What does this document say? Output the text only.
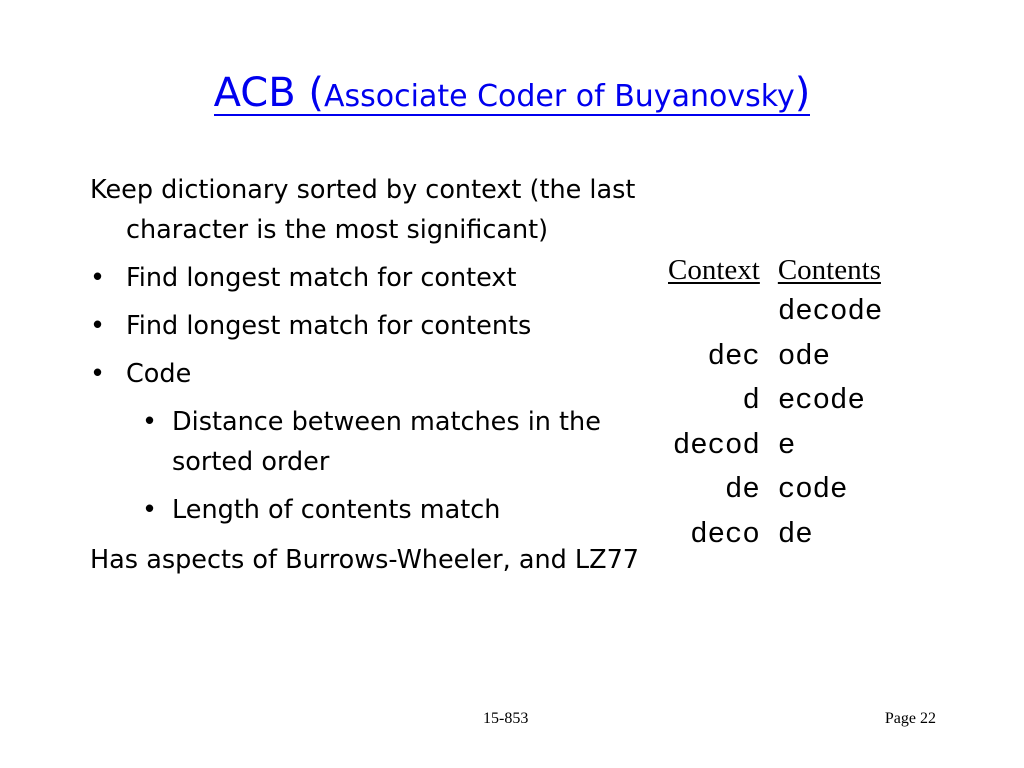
ACB (Associate Coder of Buyanovsky)

Keep dictionary sorted by context (the last character is the most significant)

• Find longest match for context
• Find longest match for contents
• Code
• Distance between matches in the sorted order
• Length of contents match

Has aspects of Burrows-Wheeler, and LZ77

Context	Contents
	decode
dec	ode
d	ecode
decod	e
de	code
deco	de
15-853	Page 22
